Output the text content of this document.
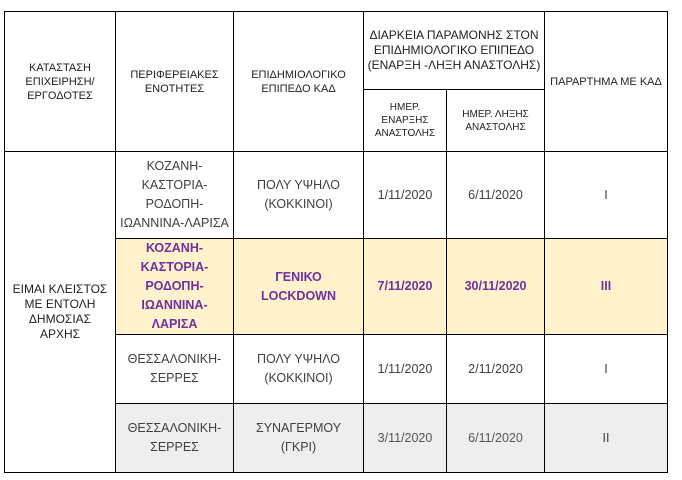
ΚΑΤΑΣΤΑΣΗ ΕΠΙΧΕΙΡΗΣΗ/ ΕΡΓΟΔΟΤΕΣ	ΠΕΡΙΦΕΡΕΙΑΚΕΣ ΕΝΟΤΗΤΕΣ	ΕΠΙΔΗΜΙΟΛΟΓΙΚΟ ΕΠΙΠΕΔΟ ΚΑΔ	ΔΙΑΡΚΕΙΑ ΠΑΡΑΜΟΝΗΣ ΣΤΟΝ ΕΠΙΔΗΜΙΟΛΟΓΙΚΟ ΕΠΙΠΕΔΟ (ΕΝΑΡΞΗ -ΛΗΞΗ ΑΝΑΣΤΟΛΗΣ)		ΠΑΡΑΡΤΗΜΑ ΜΕ ΚΑΔ
			ΗΜΕΡ. ΕΝΑΡΞΗΣ ΑΝΑΣΤΟΛΗΣ	ΗΜΕΡ. ΛΗΞΗΣ ΑΝΑΣΤΟΛΗΣ	
ΕΙΜΑΙ ΚΛΕΙΣΤΟΣ ΜΕ ΕΝΤΟΛΗ ΔΗΜΟΣΙΑΣ ΑΡΧΗΣ	ΚΟΖΑΝΗ-ΚΑΣΤΟΡΙΑ-ΡΟΔΟΠΗ-ΙΩΑΝΝΙΝΑ-ΛΑΡΙΣΑ	ΠΟΛΥ ΥΨΗΛΟ (ΚΟΚΚΙΝΟΙ)	1/11/2020	6/11/2020	I
	ΚΟΖΑΝΗ-ΚΑΣΤΟΡΙΑ-ΡΟΔΟΠΗ-ΙΩΑΝΝΙΝΑ-ΛΑΡΙΣΑ	ΓΕΝΙΚΟ LOCKDOWN	7/11/2020	30/11/2020	III
	ΘΕΣΣΑΛΟΝΙΚΗ-ΣΕΡΡΕΣ	ΠΟΛΥ ΥΨΗΛΟ (ΚΟΚΚΙΝΟΙ)	1/11/2020	2/11/2020	I
	ΘΕΣΣΑΛΟΝΙΚΗ-ΣΕΡΡΕΣ	ΣΥΝΑΓΕΡΜΟΥ (ΓΚΡΙ)	3/11/2020	6/11/2020	II
